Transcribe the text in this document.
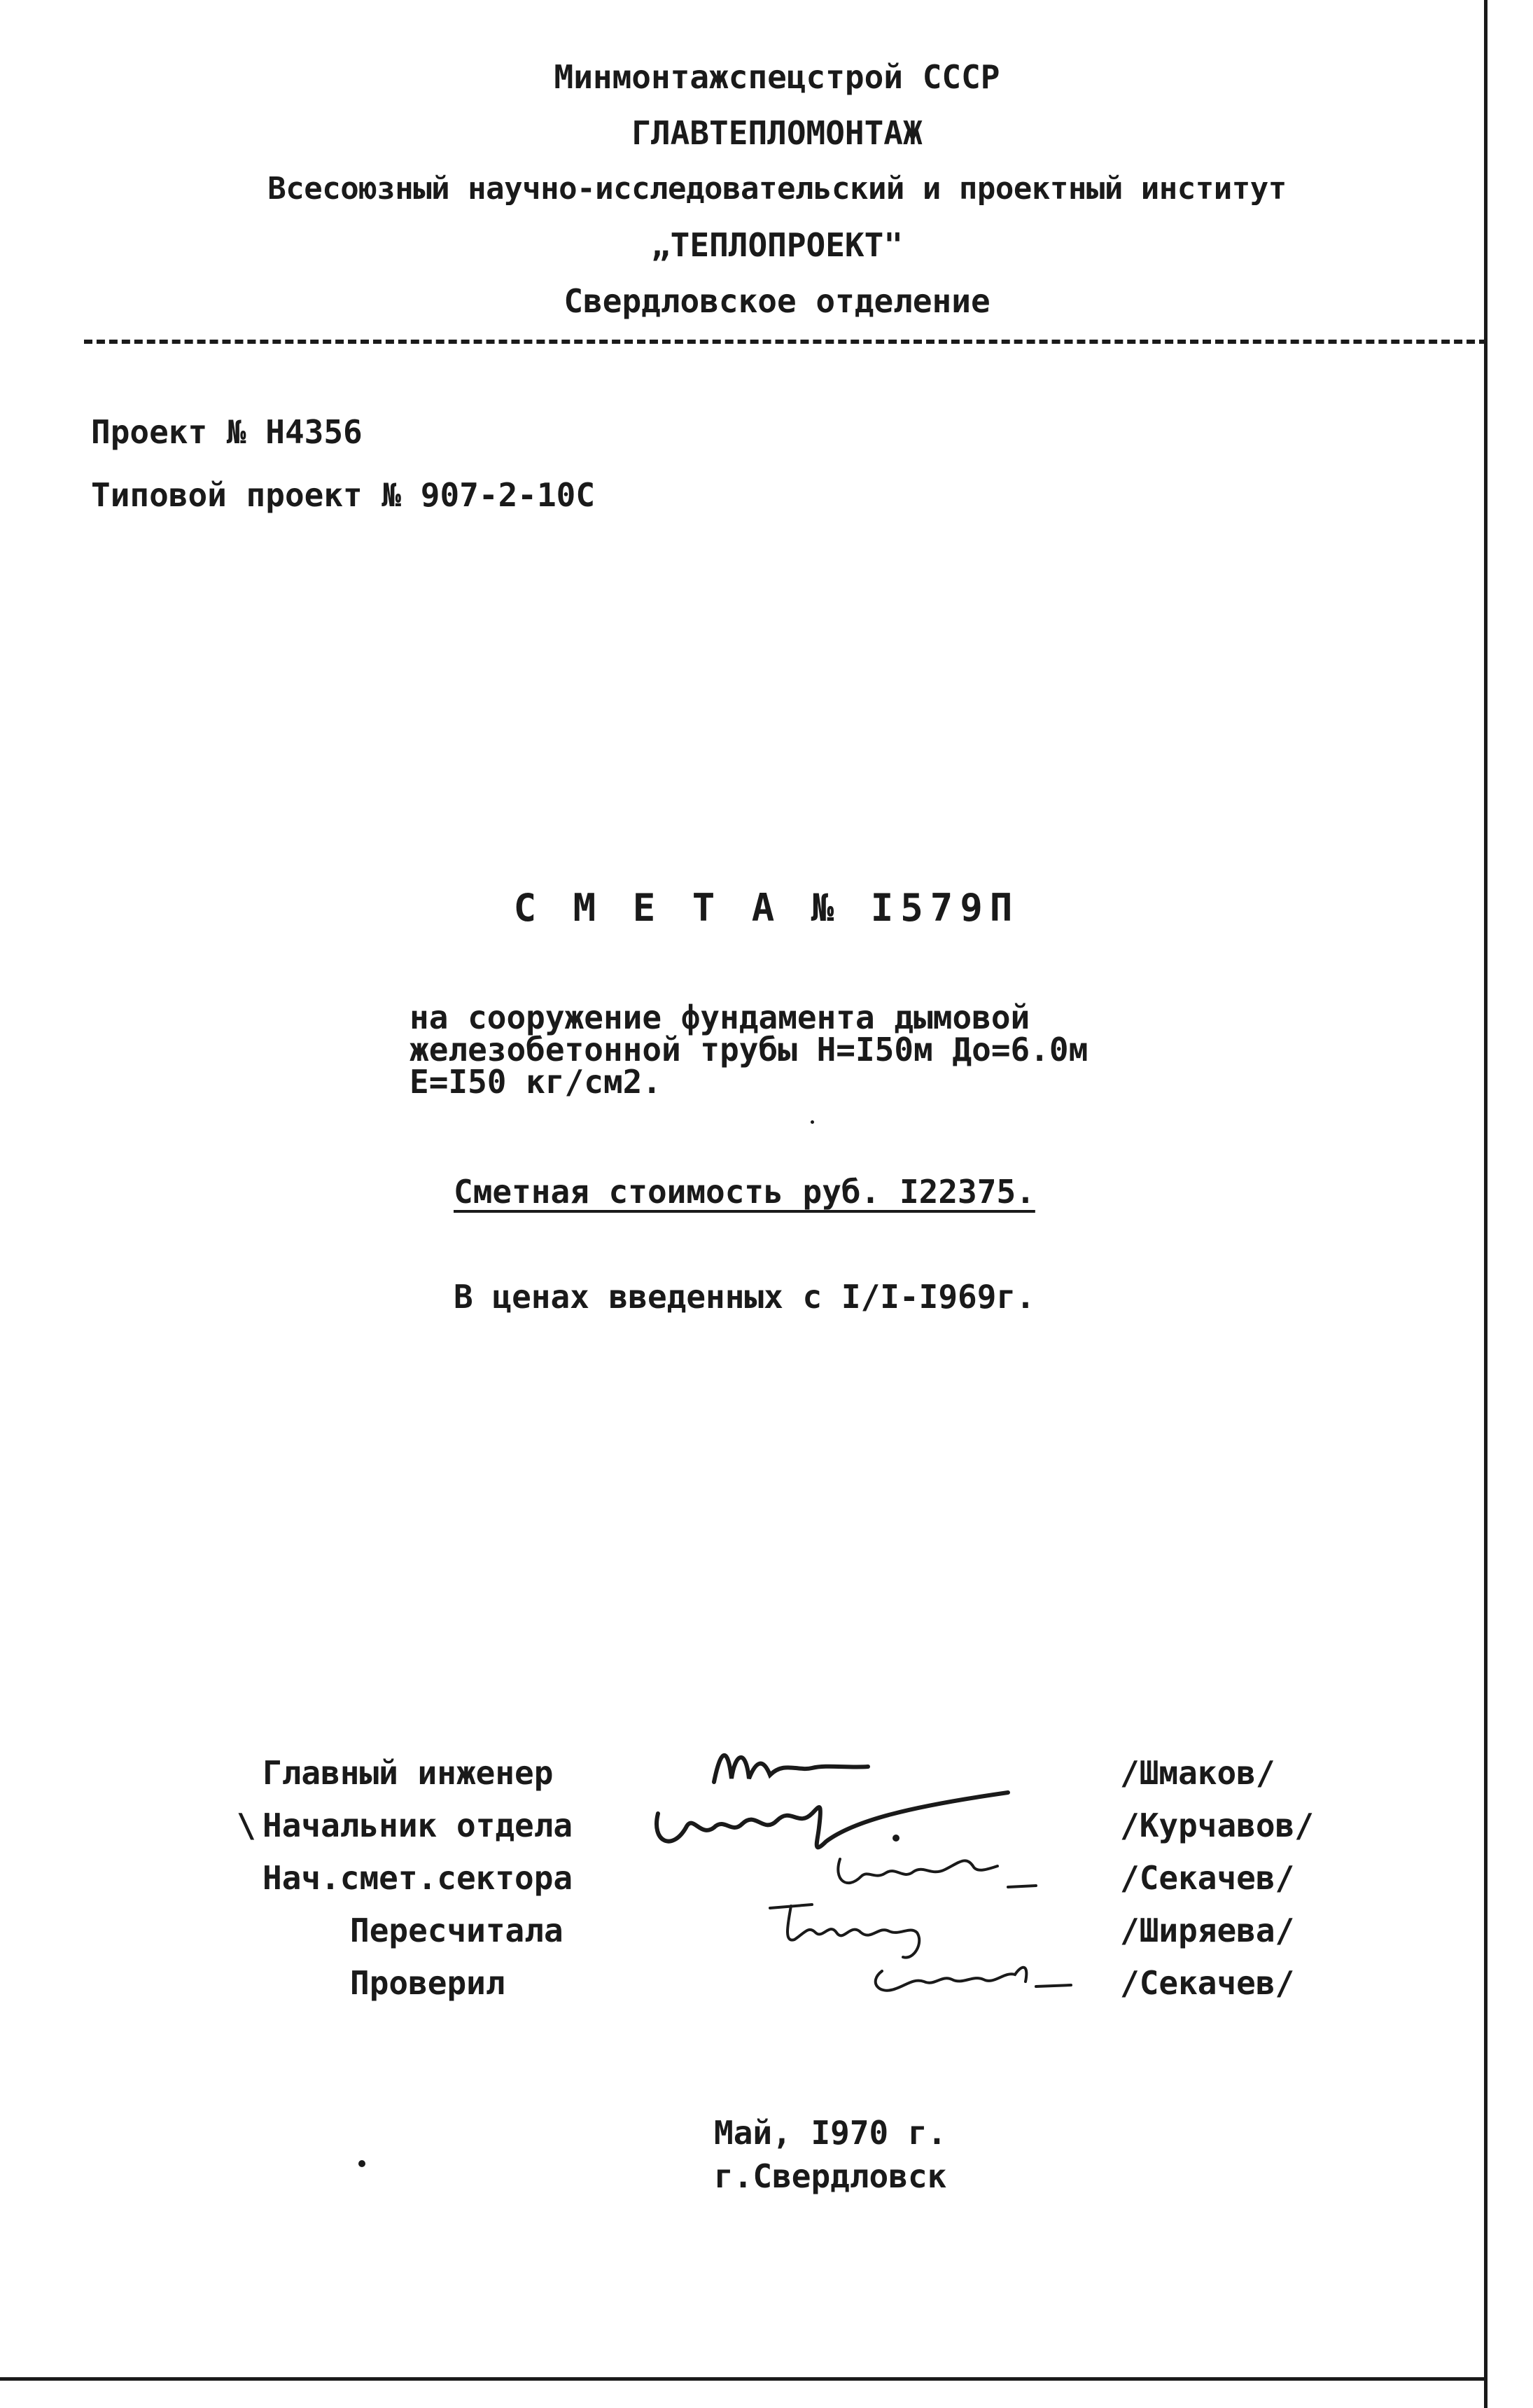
Минмонтажспецстрой СССР
ГЛАВТЕПЛОМОНТАЖ
Всесоюзный научно-исследовательский и проектный институт
„ТЕПЛОПРОЕКТ"
Свердловское отделение
Проект № Н4356
Типовой проект № 907-2-10С
С М Е Т А № I579П
на сооружение фундамента дымовой
железобетонной трубы Н=I50м До=6.0м
Е=I50 кг/см2.
Сметная стоимость руб. I22375.
В ценах введенных с I/I-I969г.
Главный инженер	/Шмаков/
\ Начальник отдела	/Курчавов/
Нач.смет.сектора	/Секачев/
Пересчитала	/Ширяева/
Проверил	/Секачев/
Май, I970 г.
г.Свердловск
